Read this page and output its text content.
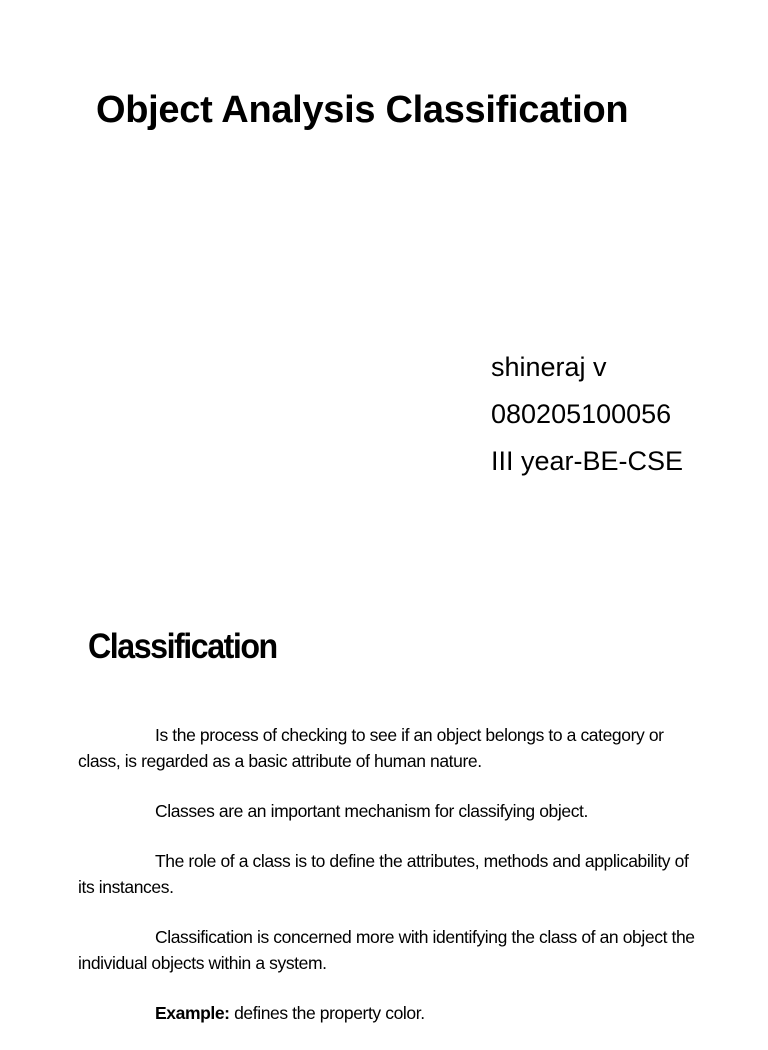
Object Analysis Classification
shineraj v
080205100056
III year-BE-CSE
Classification

Is the process of checking to see if an object belongs to a category or class, is regarded as a basic attribute of human nature.

Classes are an important mechanism for classifying object.

The role of a class is to define the attributes, methods and applicability of its instances.

Classification is concerned more with identifying the class of an object the individual objects within a system.

Example: defines the property color.
